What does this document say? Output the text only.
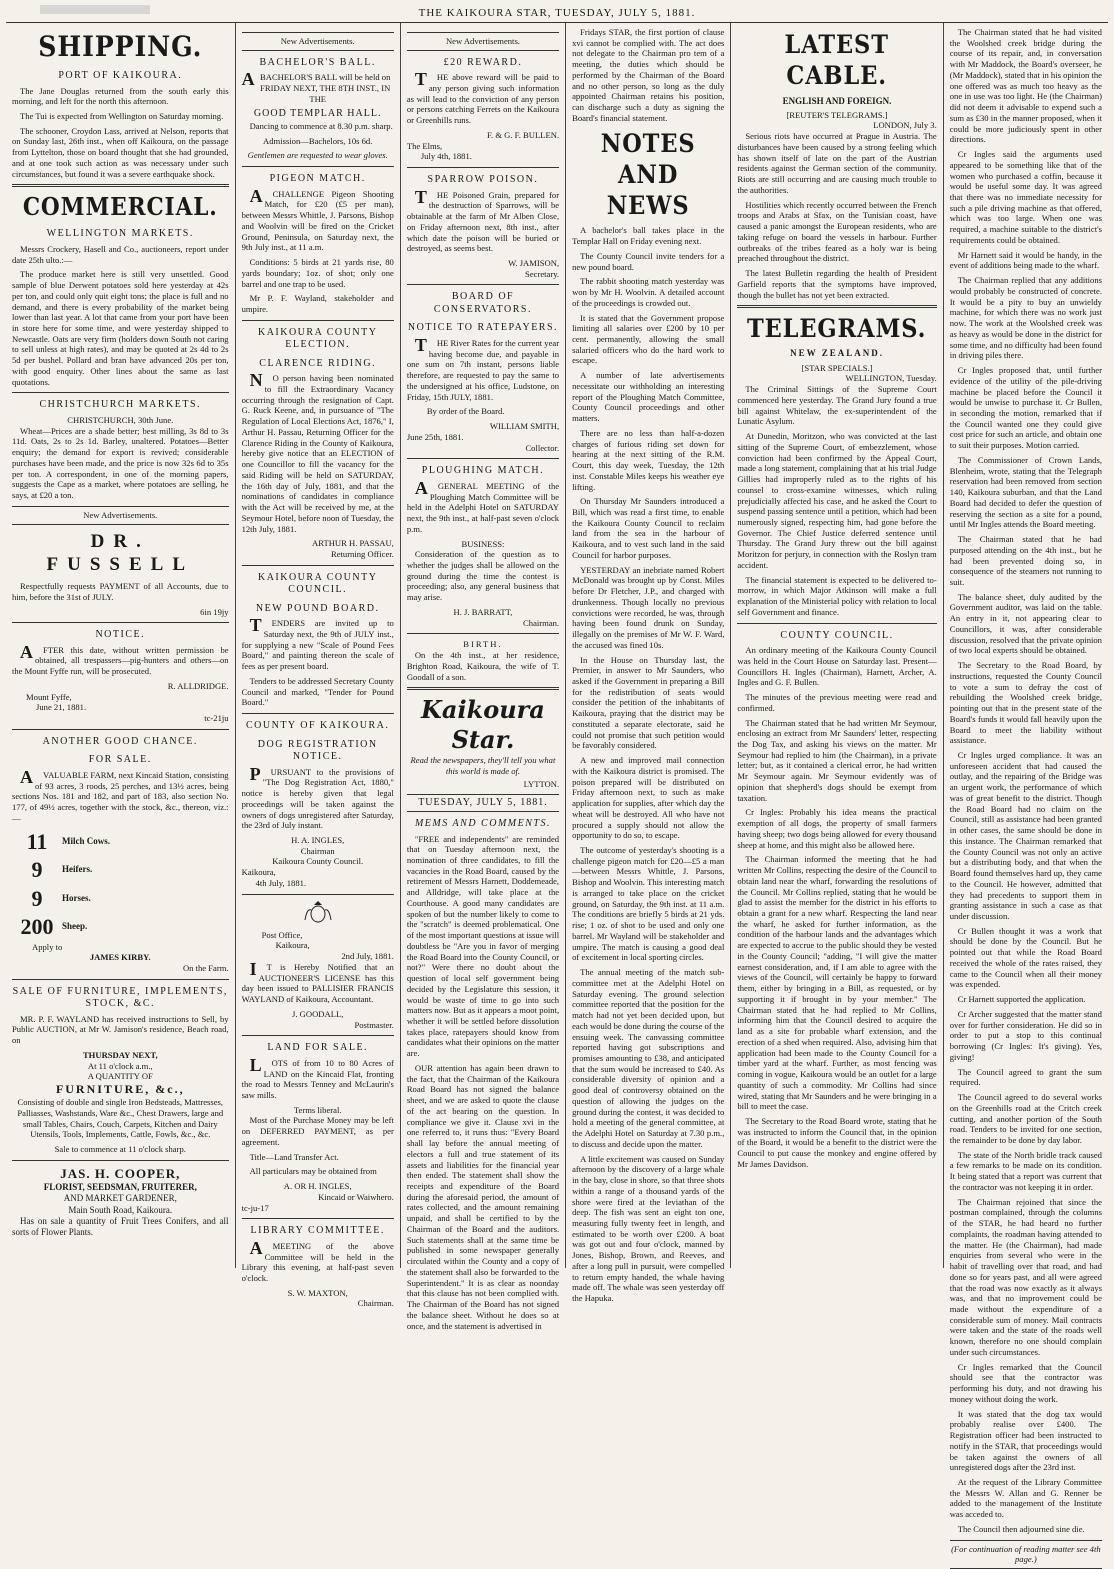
THE KAIKOURA STAR, TUESDAY, JULY 5, 1881.
SHIPPING.
PORT OF KAIKOURA.

The Jane Douglas returned from the south early this morning, and left for the north this afternoon.

The Tui is expected from Wellington on Saturday morning.

The schooner, Croydon Lass, arrived at Nelson, reports that on Sunday last, 26th inst., when off Kaikoura, on the passage from Lyttelton, those on board thought that she had grounded, and at one took such action as was necessary under such circumstances, but found it was a severe earthquake shock.

COMMERCIAL.
WELLINGTON MARKETS.

Messrs Crockery, Hasell and Co., auctioneers, report under date 25th ulto.:—

The produce market here is still very unsettled. Good sample of blue Derwent potatoes sold here yesterday at 42s per ton, and could only quit eight tons; the place is full and no demand, and there is every probability of the market being lower than last year. A lot that came from your port have been in store here for some time, and were yesterday shipped to Newcastle. Oats are very firm (holders down South not caring to sell unless at high rates), and may be quoted at 2s 4d to 2s 5d per bushel. Pollard and bran have advanced 20s per ton, with good enquiry. Other lines about the same as last quotations.

CHRISTCHURCH MARKETS.
CHRISTCHURCH, 30th June.

Wheat—Prices are a shade better; best milling, 3s 8d to 3s 11d. Oats, 2s to 2s 1d. Barley, unaltered. Potatoes—Better enquiry; the demand for export is revived; considerable purchases have been made, and the price is now 32s 6d to 35s per ton. A correspondent, in one of the morning papers, suggests the Cape as a market, where potatoes are selling, he says, at £20 a ton.

New Advertisements.
DR. FUSSELL

Respectfully requests PAYMENT of all Accounts, due to him, before the 31st of JULY.

6in 19jy
NOTICE.

AFTER this date, without written permission be obtained, all trespassers—pig-hunters and others—on the Mount Fyffe run, will be prosecuted.

R. ALLDRIDGE.
Mount Fyffe,
June 21, 1881.
tc-21ju
ANOTHER GOOD CHANCE.
FOR SALE.

AVALUABLE FARM, next Kincaid Station, consisting of 93 acres, 3 roods, 25 perches, and 13½ acres, being sections Nos. 181 and 182, and part of 183, also section No. 177, of 49½ acres, together with the stock, &c., thereon, viz.:—

11	Milch Cows.
9	Heifers.
9	Horses.
200 Sheep.
Apply to
JAMES KIRBY.
On the Farm.
SALE OF FURNITURE, IMPLEMENTS, STOCK, &C.

MR. P. F. WAYLAND has received instructions to Sell, by Public AUCTION, at Mr W. Jamison's residence, Beach road, on

THURSDAY NEXT,
At 11 o'clock a.m.,
A QUANTITY OF
FURNITURE, &c.,

Consisting of double and single Iron Bedsteads, Mattresses, Palliasses, Washstands, Ware &c., Chest Drawers, large and small Tables, Chairs, Couch, Carpets, Kitchen and Dairy Utensils, Tools, Implements, Cattle, Fowls, &c., &c.

Sale to commence at 11 o'clock sharp.
JAS. H. COOPER,
FLORIST, SEEDSMAN, FRUITERER,
AND MARKET GARDENER,
Main South Road, Kaikoura.

Has on sale a quantity of Fruit Trees Conifers, and all sorts of Flower Plants.

New Advertisements.
BACHELOR'S BALL.

ABACHELOR'S BALL will be held on FRIDAY NEXT, THE 8TH INST., IN THE

GOOD TEMPLAR HALL.

Dancing to commence at 8.30 p.m. sharp.

Admission—Bachelors, 10s 6d.

Gentlemen are requested to wear gloves.

PIGEON MATCH.

ACHALLENGE Pigeon Shooting Match, for £20 (£5 per man), between Messrs Whittle, J. Parsons, Bishop and Woolvin will be fired on the Cricket Ground, Peninsula, on Saturday next, the 9th July inst., at 11 a.m.

Conditions: 5 birds at 21 yards rise, 80 yards boundary; 1oz. of shot; only one barrel and one trap to be used.

Mr P. F. Wayland, stakeholder and umpire.

KAIKOURA COUNTY ELECTION.
CLARENCE RIDING.

NO person having been nominated to fill the Extraordinary Vacancy occurring through the resignation of Capt. G. Ruck Keene, and, in pursuance of "The Regulation of Local Elections Act, 1876," I, Arthur H. Passau, Returning Officer for the Clarence Riding in the County of Kaikoura, hereby give notice that an ELECTION of one Councillor to fill the vacancy for the said Riding will be held on SATURDAY, the 16th day of July, 1881, and that the nominations of candidates in compliance with the Act will be received by me, at the Seymour Hotel, before noon of Tuesday, the 12th July, 1881.

ARTHUR H. PASSAU,
Returning Officer.
KAIKOURA COUNTY COUNCIL.
NEW POUND BOARD.

TENDERS are invited up to Saturday next, the 9th of JULY inst., for supplying a new "Scale of Pound Fees Board," and painting thereon the scale of fees as per present board.

Tenders to be addressed Secretary County Council and marked, "Tender for Pound Board."

COUNTY OF KAIKOURA.
DOG REGISTRATION NOTICE.

PURSUANT to the provisions of "The Dog Registration Act, 1880," notice is hereby given that legal proceedings will be taken against the owners of dogs unregistered after Saturday, the 23rd of July instant.

H. A. INGLES,
Chairman
Kaikoura County Council.
Kaikoura,
4th July, 1881.
Post Office,
Kaikoura,
2nd July, 1881.

IT is Hereby Notified that an AUCTIONEER'S LICENSE has this day been issued to PALLISIER FRANCIS WAYLAND of Kaikoura, Accountant.

J. GOODALL,
Postmaster.
LAND FOR SALE.

LOTS of from 10 to 80 Acres of LAND on the Kincaid Flat, fronting the road to Messrs Tenney and McLaurin's saw mills.

Terms liberal.

Most of the Purchase Money may be left on DEFERRED PAYMENT, as per agreement.

Title—Land Transfer Act.

All particulars may be obtained from

A. OR H. INGLES,
Kincaid or Waiwhero.
tc-ju-17
LIBRARY COMMITTEE.

AMEETING of the above Committee will be held in the Library this evening, at half-past seven o'clock.

S. W. MAXTON,
Chairman.
New Advertisements.
£20 REWARD.

THE above reward will be paid to any person giving such information as will lead to the conviction of any person or persons catching Ferrets on the Kaikoura or Greenhills runs.

F. & G. F. BULLEN.
The Elms,
July 4th, 1881.
SPARROW POISON.

THE Poisoned Grain, prepared for the destruction of Sparrows, will be obtainable at the farm of Mr Alben Close, on Friday afternoon next, 8th inst., after which date the poison will be buried or destroyed, as seems best.

W. JAMISON,
Secretary.
BOARD OF CONSERVATORS.
NOTICE TO RATEPAYERS.

THE River Rates for the current year having become due, and payable in one sum on 7th instant, persons liable therefore, are requested to pay the same to the undersigned at his office, Ludstone, on Friday, 15th JULY, 1881.

By order of the Board.

WILLIAM SMITH,
June 25th, 1881.
Collector.
PLOUGHING MATCH.

AGENERAL MEETING of the Ploughing Match Committee will be held in the Adelphi Hotel on SATURDAY next, the 9th inst., at half-past seven o'clock p.m.

BUSINESS:

Consideration of the question as to whether the judges shall be allowed on the ground during the time the contest is proceeding; also, any general business that may arise.

H. J. BARRATT,
Chairman.
BIRTH.

On the 4th inst., at her residence, Brighton Road, Kaikoura, the wife of T. Goodall of a son.

Kaikoura Star.
Read the newspapers, they'll tell you what this world is made of.
LYTTON.
TUESDAY, JULY 5, 1881.
MEMS AND COMMENTS.

"FREE and independents" are reminded that on Tuesday afternoon next, the nomination of three candidates, to fill the vacancies in the Road Board, caused by the retirement of Messrs Harnett, Doddemeade, and Alldridge, will take place at the Courthouse. A good many candidates are spoken of but the number likely to come to the "scratch" is deemed problematical. One of the most important questions at issue will doubtless be "Are you in favor of merging the Road Board into the County Council, or not?" Were there no doubt about the question of local self government being decided by the Legislature this session, it would be waste of time to go into such matters now. But as it appears a moot point, whether it will be settled before dissolution takes place, ratepayers should know from candidates what their opinions on the matter are.

OUR attention has again been drawn to the fact, that the Chairman of the Kaikoura Road Board has not signed the balance sheet, and we are asked to quote the clause of the act bearing on the question. In compliance we give it. Clause xvi in the one referred to, it runs thus: "Every Board shall lay before the annual meeting of electors a full and true statement of its assets and liabilities for the financial year then ended. The statement shall show the receipts and expenditure of the Board during the aforesaid period, the amount of rates collected, and the amount remaining unpaid, and shall be certified to by the Chairman of the Board and the auditors. Such statements shall at the same time be published in some newspaper generally circulated within the County and a copy of the statement shall also be forwarded to the Superintendent." It is as clear as noonday that this clause has not been complied with. The Chairman of the Board has not signed the balance sheet. Without he does so at once, and the statement is advertised in

Fridays STAR, the first portion of clause xvi cannot be complied with. The act does not delegate to the Chairman pro tem of a meeting, the duties which should be performed by the Chairman of the Board and no other person, so long as the duly appointed Chairman retains his position, can discharge such a duty as signing the Board's financial statement.

NOTES AND NEWS

A bachelor's ball takes place in the Templar Hall on Friday evening next.

The County Council invite tenders for a new pound board.

The rabbit shooting match yesterday was won by Mr H. Woolvin. A detailed account of the proceedings is crowded out.

It is stated that the Government propose limiting all salaries over £200 by 10 per cent. permanently, allowing the small salaried officers who do the hard work to escape.

A number of late advertisements necessitate our withholding an interesting report of the Ploughing Match Committee, County Council proceedings and other matters.

There are no less than half-a-dozen charges of furious riding set down for hearing at the next sitting of the R.M. Court, this day week, Tuesday, the 12th inst. Constable Miles keeps his weather eye lifting.

On Thursday Mr Saunders introduced a Bill, which was read a first time, to enable the Kaikoura County Council to reclaim land from the sea in the harbour of Kaikoura, and to vest such land in the said Council for harbor purposes.

YESTERDAY an inebriate named Robert McDonald was brought up by Const. Miles before Dr Fletcher, J.P., and charged with drunkenness. Though locally no previous convictions were recorded, he was, through having been found drunk on Sunday, illegally on the premises of Mr W. F. Ward, the accused was fined 10s.

In the House on Thursday last, the Premier, in answer to Mr Saunders, who asked if the Government in preparing a Bill for the redistribution of seats would consider the petition of the inhabitants of Kaikoura, praying that the district may be constituted a separate electorate, said he could not promise that such petition would be favorably considered.

A new and improved mail connection with the Kaikoura district is promised. The poison prepared will be distributed on Friday afternoon next, to such as make application for supplies, after which day the wheat will be destroyed. All who have not procured a supply should not allow the opportunity to do so, to escape.

The outcome of yesterday's shooting is a challenge pigeon match for £20—£5 a man—between Messrs Whittle, J. Parsons, Bishop and Woolvin. This interesting match is arranged to take place on the cricket ground, on Saturday, the 9th inst. at 11 a.m. The conditions are briefly 5 birds at 21 yds. rise; 1 oz. of shot to be used and only one barrel. Mr Wayland will be stakeholder and umpire. The match is causing a good deal of excitement in local sporting circles.

The annual meeting of the match sub-committee met at the Adelphi Hotel on Saturday evening. The ground selection committee reported that the position for the match had not yet been decided upon, but each would be done during the course of the ensuing week. The canvassing committee reported having got subscriptions and promises amounting to £38, and anticipated that the sum would be increased to £40. As considerable diversity of opinion and a good deal of controversy obtained on the question of allowing the judges on the ground during the contest, it was decided to hold a meeting of the general committee, at the Adelphi Hotel on Saturday at 7.30 p.m., to discuss and decide upon the matter.

A little excitement was caused on Sunday afternoon by the discovery of a large whale in the bay, close in shore, so that three shots within a range of a thousand yards of the shore were fired at the leviathan of the deep. The fish was sent an eight ton one, measuring fully twenty feet in length, and estimated to be worth over £200. A boat was got out and four o'clock, manned by Jones, Bishop, Brown, and Reeves, and after a long pull in pursuit, were compelled to return empty handed, the whale having made off. The whale was seen yesterday off the Hapuka.

LATEST CABLE.
ENGLISH AND FOREIGN.
[REUTER'S TELEGRAMS.]
LONDON, July 3.

Serious riots have occurred at Prague in Austria. The disturbances have been caused by a strong feeling which has shown itself of late on the part of the Austrian residents against the German section of the community. Riots are still occurring and are causing much trouble to the authorities.

Hostilities which recently occurred between the French troops and Arabs at Sfax, on the Tunisian coast, have caused a panic amongst the European residents, who are taking refuge on board the vessels in harbour. Further outbreaks of the tribes feared as a holy war is being preached throughout the district.

The latest Bulletin regarding the health of President Garfield reports that the symptoms have improved, though the bullet has not yet been extracted.

TELEGRAMS.
NEW ZEALAND.
[STAR SPECIALS.]
WELLINGTON, Tuesday.

The Criminal Sittings of the Supreme Court commenced here yesterday. The Grand Jury found a true bill against Whitelaw, the ex-superintendent of the Lunatic Asylum.

At Dunedin, Moritzon, who was convicted at the last sitting of the Supreme Court, of embezzlement, whose conviction had been confirmed by the Appeal Court, made a long statement, complaining that at his trial Judge Gillies had improperly ruled as to the rights of his counsel to cross-examine witnesses, which ruling prejudicially affected his case, and he asked the Court to suspend passing sentence until a petition, which had been numerously signed, respecting him, had gone before the Governor. The Chief Justice deferred sentence until Thursday. The Grand Jury threw out the bill against Moritzon for perjury, in connection with the Roslyn tram accident.

The financial statement is expected to be delivered to-morrow, in which Major Atkinson will make a full explanation of the Ministerial policy with relation to local self Government and finance.

COUNTY COUNCIL.

An ordinary meeting of the Kaikoura County Council was held in the Court House on Saturday last. Present—Councillors H. Ingles (Chairman), Harnett, Archer, A. Ingles and G. F. Bullen.

The minutes of the previous meeting were read and confirmed.

The Chairman stated that he had written Mr Seymour, enclosing an extract from Mr Saunders' letter, respecting the Dog Tax, and asking his views on the matter. Mr Seymour had replied to him (the Chairman), in a private letter; but, as it contained a clerical error, he had written Mr Seymour again. Mr Seymour evidently was of opinion that shepherd's dogs should be exempt from taxation.

Cr Ingles: Probably his idea means the practical exemption of all dogs, the property of small farmers having sheep; two dogs being allowed for every thousand sheep at home, and this might also be allowed here.

The Chairman informed the meeting that he had written Mr Collins, respecting the desire of the Council to obtain land near the wharf, forwarding the resolutions of the Council. Mr Collins replied, stating that he would be glad to assist the member for the district in his efforts to obtain a grant for a new wharf. Respecting the land near the wharf, he asked for further information, as the condition of the harbour lands and the advantages which are expected to accrue to the public should they be vested in the County Council; "adding, "I will give the matter earnest consideration, and, if I am able to agree with the views of the Council, will certainly be happy to forward them, either by bringing in a Bill, as requested, or by supporting it if brought in by your member." The Chairman stated that he had replied to Mr Collins, informing him that the Council desired to acquire the land as a site for probable wharf extension, and the erection of a shed when required. Also, advising him that application had been made to the County Council for a timber yard at the wharf. Further, as most fencing was coming in vogue, Kaikoura would be an outlet for a large quantity of such a commodity. Mr Collins had since wired, stating that Mr Saunders and he were bringing in a bill to meet the case.

The Secretary to the Road Board wrote, stating that he was instructed to inform the Council that, in the opinion of the Board, it would be a benefit to the district were the Council to put cause the monkey and engine offered by Mr James Davidson.

The Chairman stated that he had visited the Woolshed creek bridge during the course of its repair, and, in conversation with Mr Maddock, the Board's overseer, he (Mr Maddock), stated that in his opinion the one offered was as much too heavy as the one in use was too light. He (the Chairman) did not deem it advisable to expend such a sum as £30 in the manner proposed, when it could be more judiciously spent in other directions.

Cr Ingles said the arguments used appeared to be something like that of the women who purchased a coffin, because it would be useful some day. It was agreed that there was no immediate necessity for such a pile driving machine as that offered, which was too large. When one was required, a machine suitable to the district's requirements could be obtained.

Mr Harnett said it would be handy, in the event of additions being made to the wharf.

The Chairman replied that any additions would probably be constructed of concrete. It would be a pity to buy an unwieldy machine, for which there was no work just now. The work at the Woolshed creek was as heavy as would be done in the district for some time, and no difficulty had been found in driving piles there.

Cr Ingles proposed that, until further evidence of the utility of the pile-driving machine be placed before the Council it would be unwise to purchase it. Cr Bullen, in seconding the motion, remarked that if the Council wanted one they could give cost price for such an article, and obtain one to suit their purposes. Motion carried.

The Commissioner of Crown Lands, Blenheim, wrote, stating that the Telegraph reservation had been removed from section 140, Kaikoura suburban, and that the Land Board had decided to defer the question of reserving the section as a site for a pound, until Mr Ingles attends the Board meeting.

The Chairman stated that he had purposed attending on the 4th inst., but he had been prevented doing so, in consequence of the steamers not running to suit.

The balance sheet, duly audited by the Government auditor, was laid on the table. An entry in it, not appearing clear to Councillors, it was, after considerable discussion, resolved that the private opinion of two local experts should be obtained.

The Secretary to the Road Board, by instructions, requested the County Council to vote a sum to defray the cost of rebuilding the Woolshed creek bridge, pointing out that in the present state of the Board's funds it would fall heavily upon the Board to meet the liability without assistance.

Cr Ingles urged compliance. It was an unforeseen accident that had caused the outlay, and the repairing of the Bridge was an urgent work, the performance of which was of great benefit to the district. Though the Road Board had no claim on the Council, still as assistance had been granted in other cases, the same should be done in this instance. The Chairman remarked that the County Council was not only an active but a distributing body, and that when the Board found themselves hard up, they came to the Council. He however, admitted that they had precedents to support them in granting assistance in such a case as that under discussion.

Cr Bullen thought it was a work that should be done by the Council. But he pointed out that while the Road Board received the whole of the rates raised, they came to the Council when all their money was expended.

Cr Harnett supported the application.

Cr Archer suggested that the matter stand over for further consideration. He did so in order to put a stop to this continual borrowing (Cr Ingles: It's giving). Yes, giving!

The Council agreed to grant the sum required.

The Council agreed to do several works on the Greenhills road at the Critch creek cutting, and another portion of the South road. Tenders to be invited for one section, the remainder to be done by day labor.

The state of the North bridle track caused a few remarks to be made on its condition. It being stated that a report was current that the contractor was not keeping it in order.

The Chairman rejoined that since the postman complained, through the columns of the STAR, he had heard no further complaints, the roadman having attended to the matter. He (the Chairman), had made enquiries from several who were in the habit of travelling over that road, and had done so for years past, and all were agreed that the road was now exactly as it always was, and that no improvement could be made without the expenditure of a considerable sum of money. Mail contracts were taken and the state of the roads well known, therefore no one should complain under such circumstances.

Cr Ingles remarked that the Council should see that the contractor was performing his duty, and not drawing his money without doing the work.

It was stated that the dog tax would probably realise over £400. The Registration officer had been instructed to notify in the STAR, that proceedings would be taken against the owners of all unregistered dogs after the 23rd inst.

At the request of the Library Committee the Messrs W. Allan and G. Renner be added to the management of the Institute was acceded to.

The Council then adjourned sine die.

(For continuation of reading matter see 4th page.)
